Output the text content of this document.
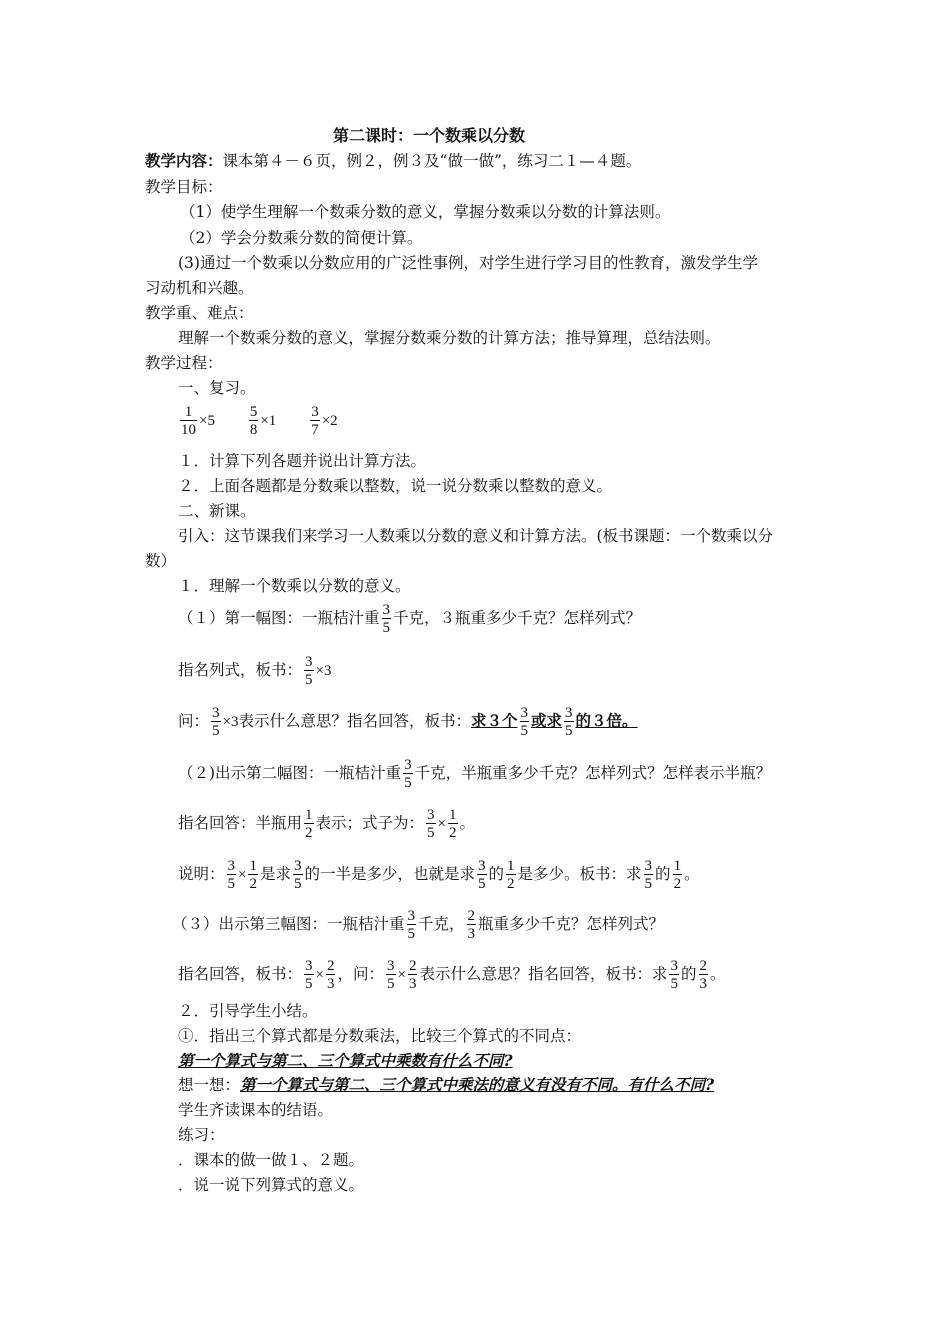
第二课时：一个数乘以分数
教学内容：课本第４－６页，例２，例３及“做一做”，练习二１—４题。
教学目标：
（1）使学生理解一个数乘分数的意义，掌握分数乘以分数的计算法则。
（2）学会分数乘分数的简便计算。
(3)通过一个数乘以分数应用的广泛性事例，对学生进行学习目的性教育，激发学生学
习动机和兴趣。
教学重、难点：
理解一个数乘分数的意义，掌握分数乘分数的计算方法；推导算理，总结法则。
教学过程：
一、复习。
$\frac{1}{10} \times 5 \frac{5}{8} \times 1 \frac{3}{7} \times 2$
１．计算下列各题并说出计算方法。
２．上面各题都是分数乘以整数，说一说分数乘以整数的意义。
二、新课。
引入：这节课我们来学习一人数乘以分数的意义和计算方法。(板书课题：一个数乘以分
数）
１．理解一个数乘以分数的意义。
（１）第一幅图：一瓶桔汁重 $\frac{3}{5}$ 千克，３瓶重多少千克？怎样列式？
指名列式，板书： $\frac{3}{5} \times 3$
问： $\frac{3}{5} \times 3$表示什么意思？指名回答，板书：求３个 $\frac{3}{5}$ 或求 $\frac{3}{5}$ 的３倍。
（２)出示第二幅图：一瓶桔汁重 $\frac{3}{5}$ 千克，半瓶重多少千克？怎样列式？怎样表示半瓶？
指名回答：半瓶用 $\frac{1}{2}$ 表示；式子为： $\frac{3}{5} \times \frac{1}{2}$ 。
说明： $\frac{3}{5} \times \frac{1}{2}$ 是求 $\frac{3}{5}$ 的一半是多少，也就是求 $\frac{3}{5}$ 的 $\frac{1}{2}$ 是多少。板书：求 $\frac{3}{5}$ 的 $\frac{1}{2}$ 。
（３）出示第三幅图：一瓶桔汁重 $\frac{3}{5}$ 千克， $\frac{2}{3}$ 瓶重多少千克？怎样列式？
指名回答，板书： $\frac{3}{5} \times \frac{2}{3}$ ，问： $\frac{3}{5} \times \frac{2}{3}$ 表示什么意思？指名回答，板书：求 $\frac{3}{5}$ 的 $\frac{2}{3}$ 。
２．引导学生小结。
①．指出三个算式都是分数乘法，比较三个算式的不同点：
第一个算式与第二、三个算式中乘数有什么不同?
想一想：第一个算式与第二、三个算式中乘法的意义有没有不同。有什么不同?
学生齐读课本的结语。
练习：
．课本的做一做１、２题。
．说一说下列算式的意义。
